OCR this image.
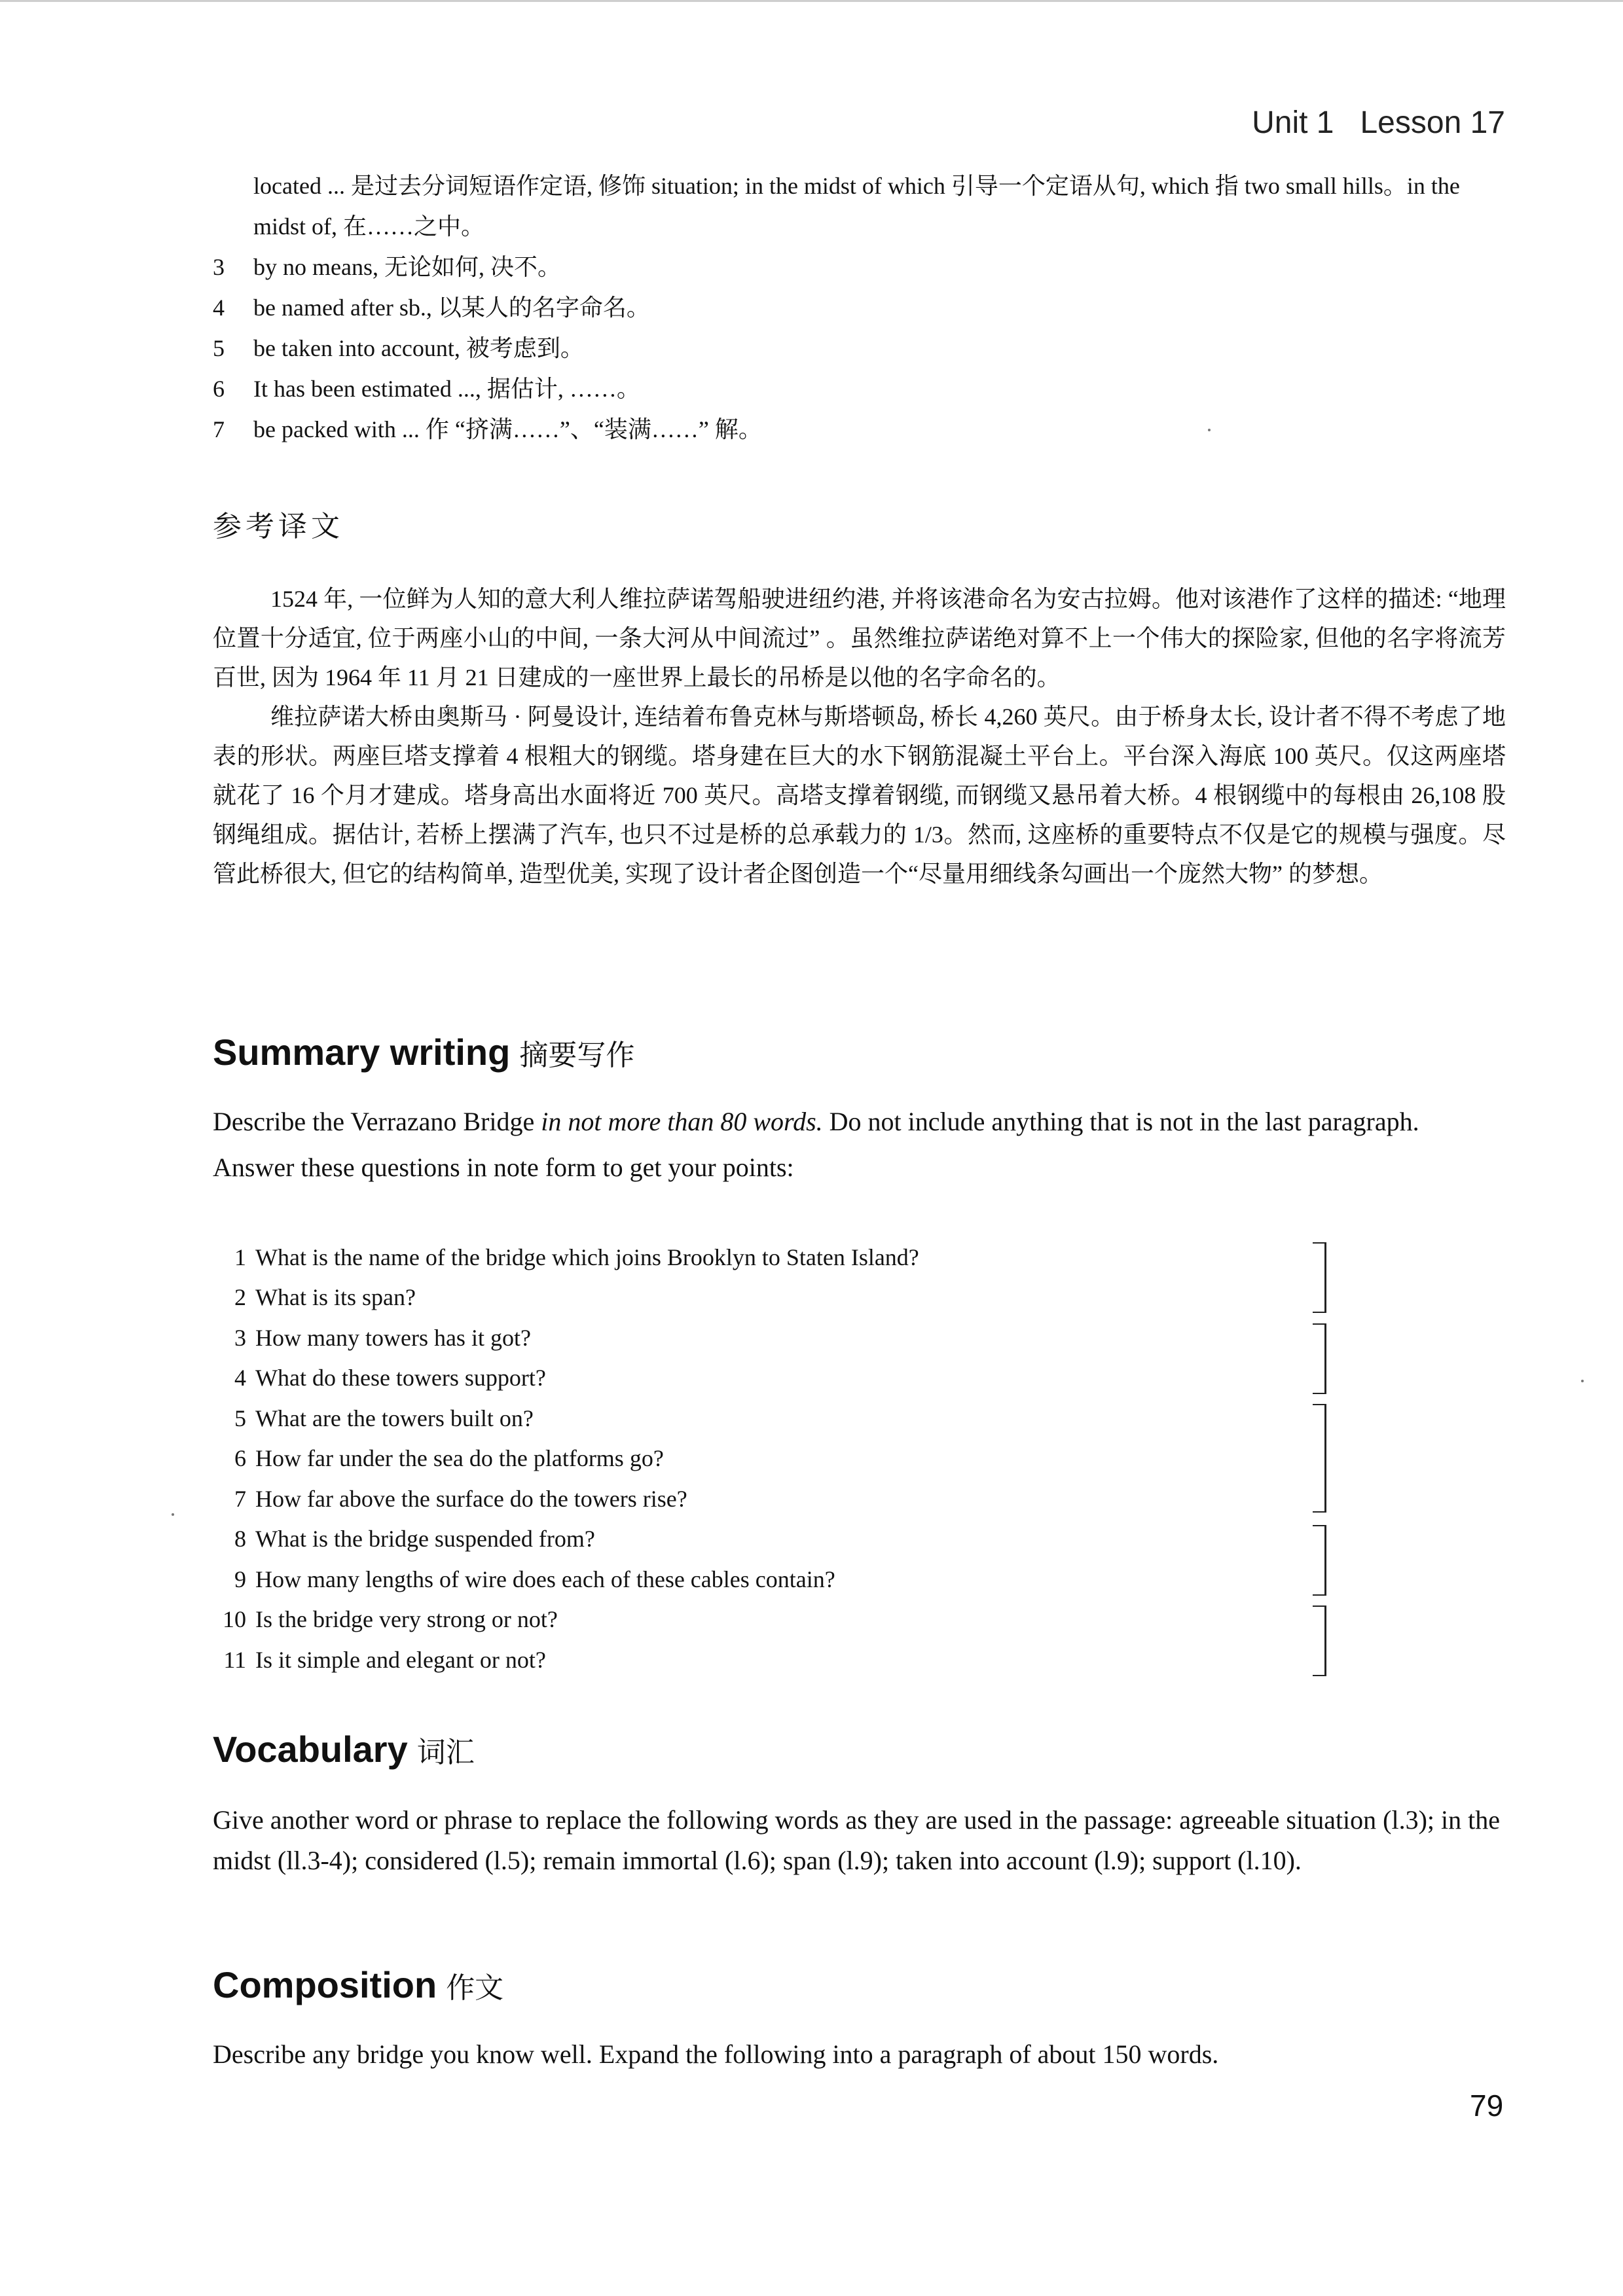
Unit 1 Lesson 17
located ... 是过去分词短语作定语, 修饰 situation; in the midst of which 引导一个定语从句, which 指 two small hills。in the midst of, 在……之中。
3	by no means, 无论如何, 决不。
4	be named after sb., 以某人的名字命名。
5	be taken into account, 被考虑到。
6	It has been estimated ..., 据估计, ……。
7	be packed with ... 作 “挤满……”、“装满……” 解。
参考译文

1524 年, 一位鲜为人知的意大利人维拉萨诺驾船驶进纽约港, 并将该港命名为安古拉姆。他对该港作了这样的描述: “地理位置十分适宜, 位于两座小山的中间, 一条大河从中间流过” 。虽然维拉萨诺绝对算不上一个伟大的探险家, 但他的名字将流芳百世, 因为 1964 年 11 月 21 日建成的一座世界上最长的吊桥是以他的名字命名的。

维拉萨诺大桥由奥斯马 · 阿曼设计, 连结着布鲁克林与斯塔顿岛, 桥长 4,260 英尺。由于桥身太长, 设计者不得不考虑了地表的形状。两座巨塔支撑着 4 根粗大的钢缆。塔身建在巨大的水下钢筋混凝土平台上。平台深入海底 100 英尺。仅这两座塔就花了 16 个月才建成。塔身高出水面将近 700 英尺。高塔支撑着钢缆, 而钢缆又悬吊着大桥。4 根钢缆中的每根由 26,108 股钢绳组成。据估计, 若桥上摆满了汽车, 也只不过是桥的总承载力的 1/3。然而, 这座桥的重要特点不仅是它的规模与强度。尽管此桥很大, 但它的结构简单, 造型优美, 实现了设计者企图创造一个“尽量用细线条勾画出一个庞然大物” 的梦想。

Summary writing 摘要写作

Describe the Verrazano Bridge in not more than 80 words. Do not include anything that is not in the last paragraph.

Answer these questions in note form to get your points:

1 What is the name of the bridge which joins Brooklyn to Staten Island?
2 What is its span?
3 How many towers has it got?
4 What do these towers support?
5 What are the towers built on?
6 How far under the sea do the platforms go?
7 How far above the surface do the towers rise?
8 What is the bridge suspended from?
9 How many lengths of wire does each of these cables contain?
10 Is the bridge very strong or not?
11 Is it simple and elegant or not?
Vocabulary 词汇

Give another word or phrase to replace the following words as they are used in the passage: agreeable situation (l.3); in the midst (ll.3-4); considered (l.5); remain immortal (l.6); span (l.9); taken into account (l.9); support (l.10).

Composition 作文

Describe any bridge you know well. Expand the following into a paragraph of about 150 words.

79
